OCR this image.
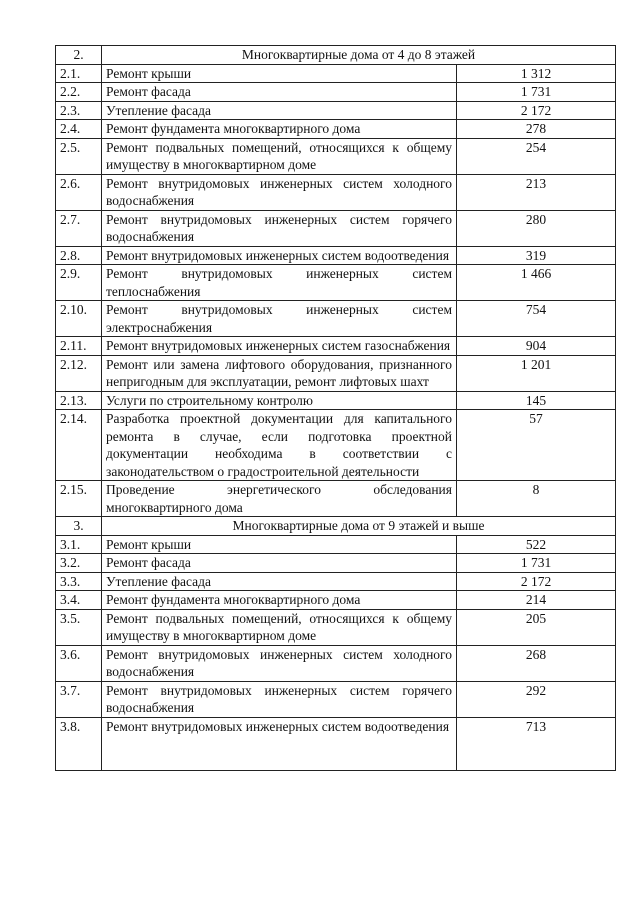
2.	Многоквартирные дома от 4 до 8 этажей	
2.1.	Ремонт крыши	1 312
2.2.	Ремонт фасада	1 731
2.3.	Утепление фасада	2 172
2.4.	Ремонт фундамента многоквартирного дома	278
2.5.	Ремонт подвальных помещений, относящихся к общему имуществу в многоквартирном доме	254
2.6.	Ремонт внутридомовых инженерных систем холодного водоснабжения	213
2.7.	Ремонт внутридомовых инженерных систем горячего водоснабжения	280
2.8.	Ремонт внутридомовых инженерных систем водоотведения	319
2.9.	Ремонт внутридомовых инженерных систем теплоснабжения	1 466
2.10.	Ремонт внутридомовых инженерных систем электроснабжения	754
2.11.	Ремонт внутридомовых инженерных систем газоснабжения	904
2.12.	Ремонт или замена лифтового оборудования, признанного непригодным для эксплуатации, ремонт лифтовых шахт	1 201
2.13.	Услуги по строительному контролю	145
2.14.	Разработка проектной документации для капитального ремонта в случае, если подготовка проектной документации необходима в соответствии с законодательством о градостроительной деятельности	57
2.15.	Проведение энергетического обследования многоквартирного дома	8
3.	Многоквартирные дома от 9 этажей и выше	
3.1.	Ремонт крыши	522
3.2.	Ремонт фасада	1 731
3.3.	Утепление фасада	2 172
3.4.	Ремонт фундамента многоквартирного дома	214
3.5.	Ремонт подвальных помещений, относящихся к общему имуществу в многоквартирном доме	205
3.6.	Ремонт внутридомовых инженерных систем холодного водоснабжения	268
3.7.	Ремонт внутридомовых инженерных систем горячего водоснабжения	292
3.8.	Ремонт внутридомовых инженерных систем водоотведения	713
